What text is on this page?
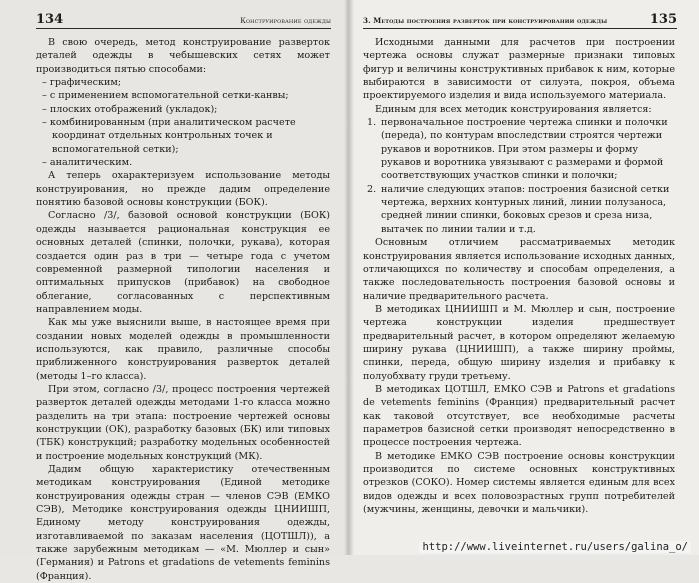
134	Конструирование одежды
В свою очередь, метод конструирование разверток деталей одежды в чебышевских сетях может производиться пятью способами:
– графическим;
– с применением вспомогательной сетки-канвы;
– плоских отображений (укладок);
– комбинированным (при аналитическом расчете координат отдельных контрольных точек и вспомогательной сетки);
– аналитическим.
А теперь охарактеризуем использование методы конструирования, но прежде дадим определение понятию базовой основы конструкции (БОК).
Согласно /3/, базовой основой конструкции (БОК) одежды называется рациональная конструкция ее основных деталей (спинки, полочки, рукава), которая создается один раз в три — четыре года с учетом современной размерной типологии населения и оптимальных припусков (прибавок) на свободное облегание, согласованных с перспективным направлением моды.
Как мы уже выяснили выше, в настоящее время при создании новых моделей одежды в промышленности используются, как правило, различные способы приближенного конструирования разверток деталей (методы 1–го класса).
При этом, согласно /3/, процесс построения чертежей разверток деталей одежды методами 1-го класса можно разделить на три этапа: построение чертежей основы конструкции (ОК), разработку базовых (БК) или типовых (ТБК) конструкций; разработку модельных особенностей и построение модельных конструкций (МК).
Дадим общую характеристику отечественным методикам конструирования (Единой методике конструирования одежды стран — членов СЭВ (ЕМКО СЭВ), Методике конструирования одежды ЦНИИШП, Единому методу конструирования одежды, изготавливаемой по заказам населения (ЦОТШЛ)), а также зарубежным методикам — «М. Мюллер и сын» (Германия) и Patrons et gradations de vetements feminins (Франция).
3. Методы построения разверток при конструировании одежды	135
Исходными данными для расчетов при построении чертежа основы служат размерные признаки типовых фигур и величины конструктивных прибавок к ним, которые выбираются в зависимости от силуэта, покроя, объема проектируемого изделия и вида используемого материала.
Единым для всех методик конструирования является:
1. первоначальное построение чертежа спинки и полочки (переда), по контурам впоследствии строятся чертежи рукавов и воротников. При этом размеры и форму рукавов и воротника увязывают с размерами и формой соответствующих участков спинки и полочки;
2. наличие следующих этапов: построения базисной сетки чертежа, верхних контурных линий, линии полузаноса, средней линии спинки, боковых срезов и среза низа, вытачек по линии талии и т.д.
Основным отличием рассматриваемых методик конструирования является использование исходных данных, отличающихся по количеству и способам определения, а также последовательность построения базовой основы и наличие предварительного расчета.
В методиках ЦНИИШП и М. Мюллер и сын, построение чертежа конструкции изделия предшествует предварительный расчет, в котором определяют желаемую ширину рукава (ЦНИИШП), а также ширину проймы, спинки, переда, общую ширину изделия и прибавку к полуобхвату груди третьему.
В методиках ЦОТШЛ, ЕМКО СЭВ и Patrons et gradations de vetements feminins (Франция) предварительный расчет как таковой отсутствует, все необходимые расчеты параметров базисной сетки производят непосредственно в процессе построения чертежа.
В методике ЕМКО СЭВ построение основы конструкции производится по системе основных конструктивных отрезков (СОКО). Номер системы является единым для всех видов одежды и всех половозрастных групп потребителей (мужчины, женщины, девочки и мальчики).
http://www.liveinternet.ru/users/galina_o/
